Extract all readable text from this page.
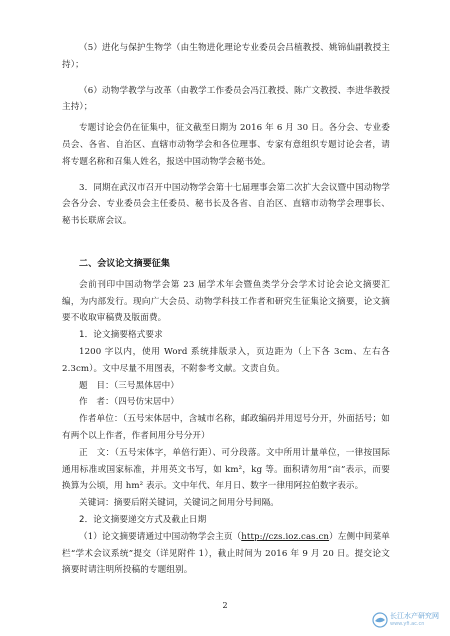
（5）进化与保护生物学（由生物进化理论专业委员会吕植教授、姚锦仙副教授主持）；

（6）动物学教学与改革（由教学工作委员会冯江教授、陈广文教授、李进华教授主持）；

专题讨论会仍在征集中，征文截至日期为 2016 年 6 月 30 日。各分会、专业委员会、各省、自治区、直辖市动物学会和各位理事、专家有意组织专题讨论会者，请将专题名称和召集人姓名，报送中国动物学会秘书处。

3．同期在武汉市召开中国动物学会第十七届理事会第二次扩大会议暨中国动物学会各分会、专业委员会主任委员、秘书长及各省、自治区、直辖市动物学会理事长、秘书长联席会议。

二、会议论文摘要征集

会前刊印中国动物学会第 23 届学术年会暨鱼类学分会学术讨论会论文摘要汇编，为内部发行。现向广大会员、动物学科技工作者和研究生征集论文摘要，论文摘要不收取审稿费及版面费。

1．论文摘要格式要求

1200 字以内，使用 Word 系统排版录入，页边距为（上下各 3cm、左右各 2.3cm）。文中尽量不用图表，不附参考文献。文责自负。

题　目：（三号黑体居中）

作　者：（四号仿宋居中）

作者单位：（五号宋体居中，含城市名称，邮政编码并用逗号分开，外面括号；如有两个以上作者，作者间用分号分开）

正　文：（五号宋体字，单倍行距）、可分段落。文中所用计量单位，一律按国际通用标准或国家标准，并用英文书写，如 km²，kg 等。面积请勿用“亩”表示，而要换算为公顷，用 hm² 表示。文中年代、年月日、数字一律用阿拉伯数字表示。

关键词：摘要后附关键词，关键词之间用分号间隔。

2．论文摘要递交方式及截止日期

（1）论文摘要请通过中国动物学会主页（http://czs.ioz.cas.cn）左侧中间菜单栏“学术会议系统”提交（详见附件 1），截止时间为 2016 年 9 月 20 日。提交论文摘要时请注明所投稿的专题组别。

2
长江水产研究网
www.yfi.ac.cn
